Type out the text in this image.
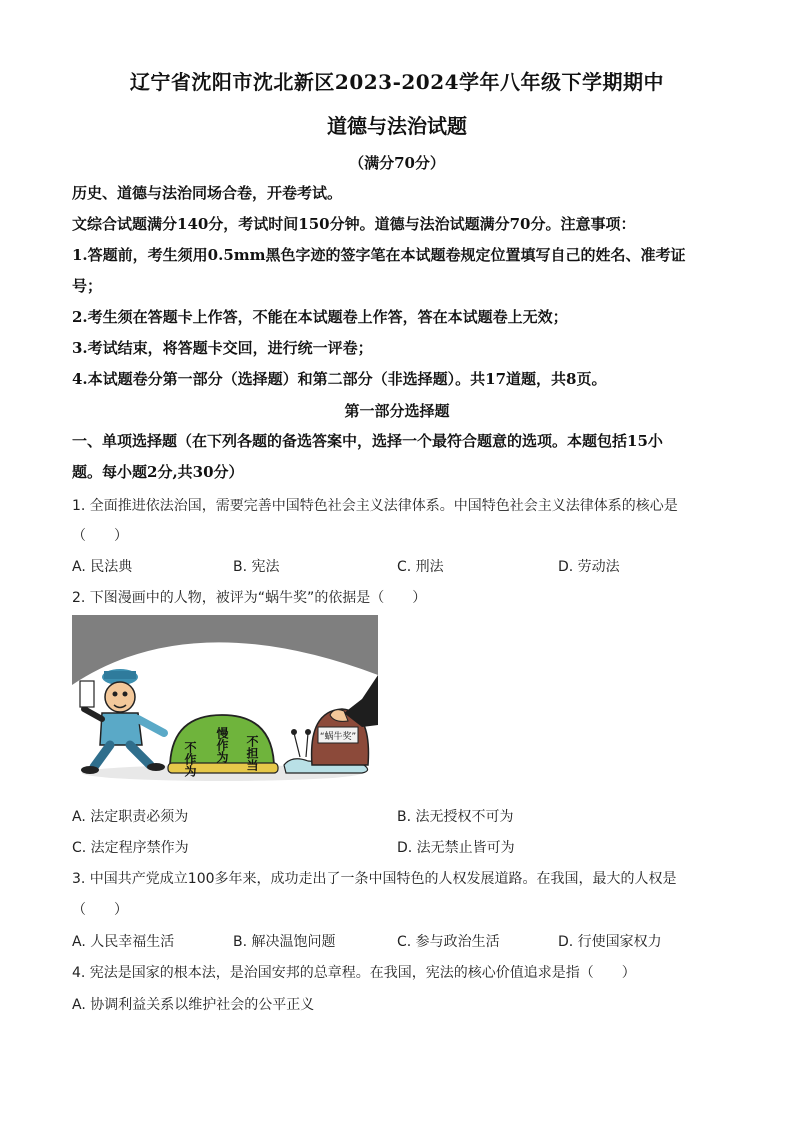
辽宁省沈阳市沈北新区2023-2024学年八年级下学期期中
道德与法治试题
（满分70分）
历史、道德与法治同场合卷，开卷考试。
文综合试题满分140分，考试时间150分钟。道德与法治试题满分70分。注意事项：
1.答题前，考生须用0.5mm黑色字迹的签字笔在本试题卷规定位置填写自己的姓名、准考证
号；
2.考生须在答题卡上作答，不能在本试题卷上作答，答在本试题卷上无效；
3.考试结束，将答题卡交回，进行统一评卷；
4.本试题卷分第一部分（选择题）和第二部分（非选择题）。共17道题，共8页。
第一部分选择题
一、单项选择题（在下列各题的备选答案中，选择一个最符合题意的选项。本题包括15小
题。每小题2分,共30分）
1. 全面推进依法治国，需要完善中国特色社会主义法律体系。中国特色社会主义法律体系的核心是
（　　）
A. 民法典	B. 宪法	C. 刑法	D. 劳动法
2. 下图漫画中的人物，被评为“蜗牛奖”的依据是（　　）
不作为 慢作为 不担当	“蜗牛奖”
A. 法定职责必须为	B. 法无授权不可为
C. 法定程序禁作为	D. 法无禁止皆可为
3. 中国共产党成立100多年来，成功走出了一条中国特色的人权发展道路。在我国，最大的人权是
（　　）
A. 人民幸福生活	B. 解决温饱问题	C. 参与政治生活	D. 行使国家权力
4. 宪法是国家的根本法，是治国安邦的总章程。在我国，宪法的核心价值追求是指（　　）
A. 协调利益关系以维护社会的公平正义
